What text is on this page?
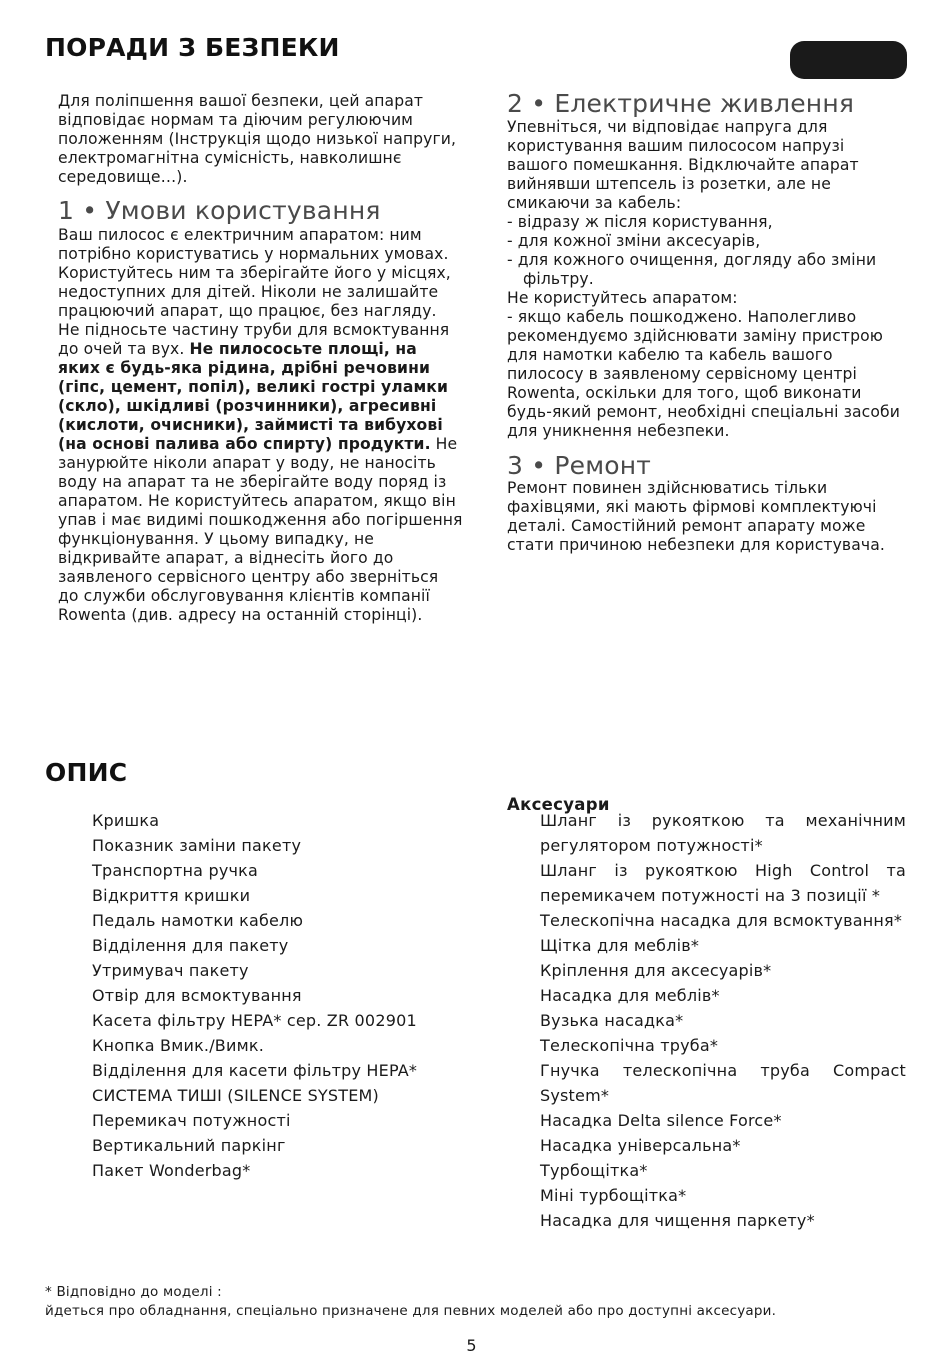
ПОРАДИ З БЕЗПЕКИ

Для поліпшення вашої безпеки, цей апарат відповідає нормам та діючим регулюючим положенням (Інструкція щодо низької напруги, електромагнітна сумісність, навколишнє середовище…).

1 • Умови користування

Ваш пилосос є електричним апаратом: ним потрібно користуватись у нормальних умовах.

Користуйтесь ним та зберігайте його у місцях, недоступних для дітей. Ніколи не залишайте працюючий апарат, що працює, без нагляду.

Не підносьте частину труби для всмоктування до очей та вух. Не пилососьте площі, на яких є будь-яка рідина, дрібні речовини (гіпс, цемент, попіл), великі гострі уламки (скло), шкідливі (розчинники), агресивні (кислоти, очисники), займисті та вибухові (на основі палива або спирту) продукти. Не занурюйте ніколи апарат у воду, не наносіть воду на апарат та не зберігайте воду поряд із апаратом. Не користуйтесь апаратом, якщо він упав і має видимі пошкодження або погіршення функціонування. У цьому випадку, не відкривайте апарат, а віднесіть його до заявленого сервісного центру або зверніться до служби обслуговування клієнтів компанії Rowenta (див. адресу на останній сторінці).

2 • Електричне живлення

Упевніться, чи відповідає напруга для користування вашим пилососом напрузі вашого помешкання. Відключайте апарат вийнявши штепсель із розетки, але не смикаючи за кабель:

- відразу ж після користування,

- для кожної зміни аксесуарів,

- для кожного очищення, догляду або зміни фільтру.

Не користуйтесь апаратом:

- якщо кабель пошкоджено. Наполегливо рекомендуємо здійснювати заміну пристрою для намотки кабелю та кабель вашого пилососу в заявленому сервісному центрі Rowenta, оскільки для того, щоб виконати будь-який ремонт, необхідні спеціальні засоби для уникнення небезпеки.

3 • Ремонт

Ремонт повинен здійснюватись тільки фахівцями, які мають фірмові комплектуючі деталі. Самостійний ремонт апарату може стати причиною небезпеки для користувача.

ОПИС

Кришка

Показник заміни пакету

Транспортна ручка

Відкриття кришки

Педаль намотки кабелю

Відділення для пакету

Утримувач пакету

Отвір для всмоктування

Касета фільтру HEPA* сер. ZR 002901

Кнопка Вмик./Вимк.

Відділення для касети фільтру HEPA*

СИСТЕМА ТИШІ (SILENCE SYSTEM)

Перемикач потужності

Вертикальний паркінг

Пакет Wonderbag*

Аксесуари

Шланг із рукояткою та механічним регулятором потужності*

Шланг із рукояткою High Control та перемикачем потужності на 3 позиції *

Телескопічна насадка для всмоктування*

Щітка для меблів*

Кріплення для аксесуарів*

Насадка для меблів*

Вузька насадка*

Телескопічна труба*

Гнучка телескопічна труба Compact System*

Насадка Delta silence Force*

Насадка універсальна*

Турбощітка*

Міні турбощітка*

Насадка для чищення паркету*

* Відповідно до моделі :
йдеться про обладнання, спеціально призначене для певних моделей або про доступні аксесуари.
5
